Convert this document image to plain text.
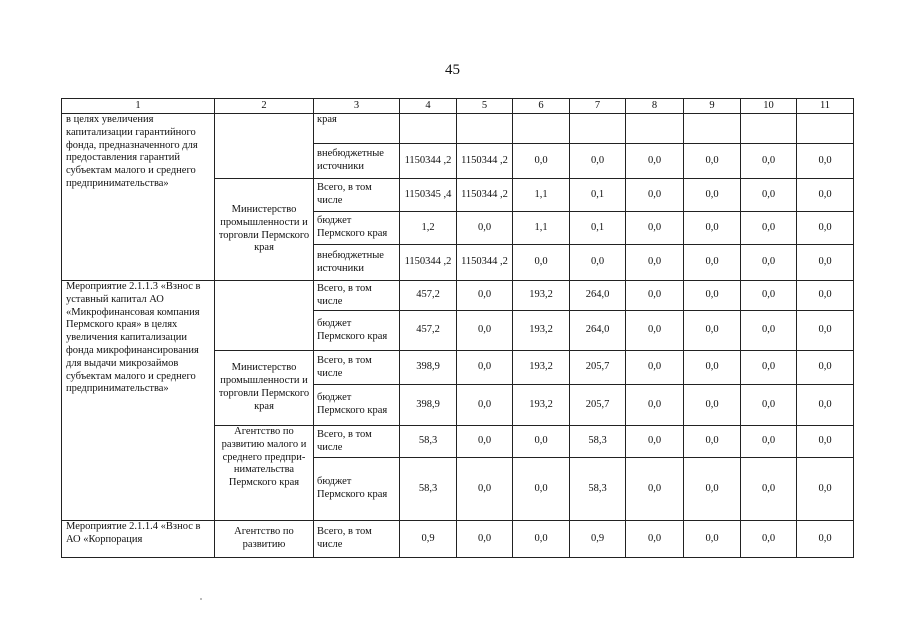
45
1	2	3	4	5	6	7	8	9	10	11
в целях увеличения капитализации гарантийного фонда, предназначенного для предоставления гарантий субъектам малого и среднего предпринимательства»		края								
		внебюджетные источники	1150344 ,2	1150344 ,2	0,0	0,0	0,0	0,0	0,0	0,0
	Министерство промышленности и торговли Пермского края	Всего, в том числе	1150345 ,4	1150344 ,2	1,1	0,1	0,0	0,0	0,0	0,0
		бюджет Пермского края	1,2	0,0	1,1	0,1	0,0	0,0	0,0	0,0
		внебюджетные источники	1150344 ,2	1150344 ,2	0,0	0,0	0,0	0,0	0,0	0,0
Мероприятие 2.1.1.3 «Взнос в уставный капитал АО «Микрофинансовая компания Пермского края» в целях увеличения капитализации фонда микрофинансирования для выдачи микрозаймов субъектам малого и среднего предпринимательства»		Всего, в том числе	457,2	0,0	193,2	264,0	0,0	0,0	0,0	0,0
		бюджет Пермского края	457,2	0,0	193,2	264,0	0,0	0,0	0,0	0,0
	Министерство промышленности и торговли Пермского края	Всего, в том числе	398,9	0,0	193,2	205,7	0,0	0,0	0,0	0,0
		бюджет Пермского края	398,9	0,0	193,2	205,7	0,0	0,0	0,0	0,0
	Агентство по развитию малого и среднего предпри-нимательства Пермского края	Всего, в том числе	58,3	0,0	0,0	58,3	0,0	0,0	0,0	0,0
		бюджет Пермского края	58,3	0,0	0,0	58,3	0,0	0,0	0,0	0,0
Мероприятие 2.1.1.4 «Взнос в АО «Корпорация	Агентство по развитию	Всего, в том числе	0,9	0,0	0,0	0,9	0,0	0,0	0,0	0,0
